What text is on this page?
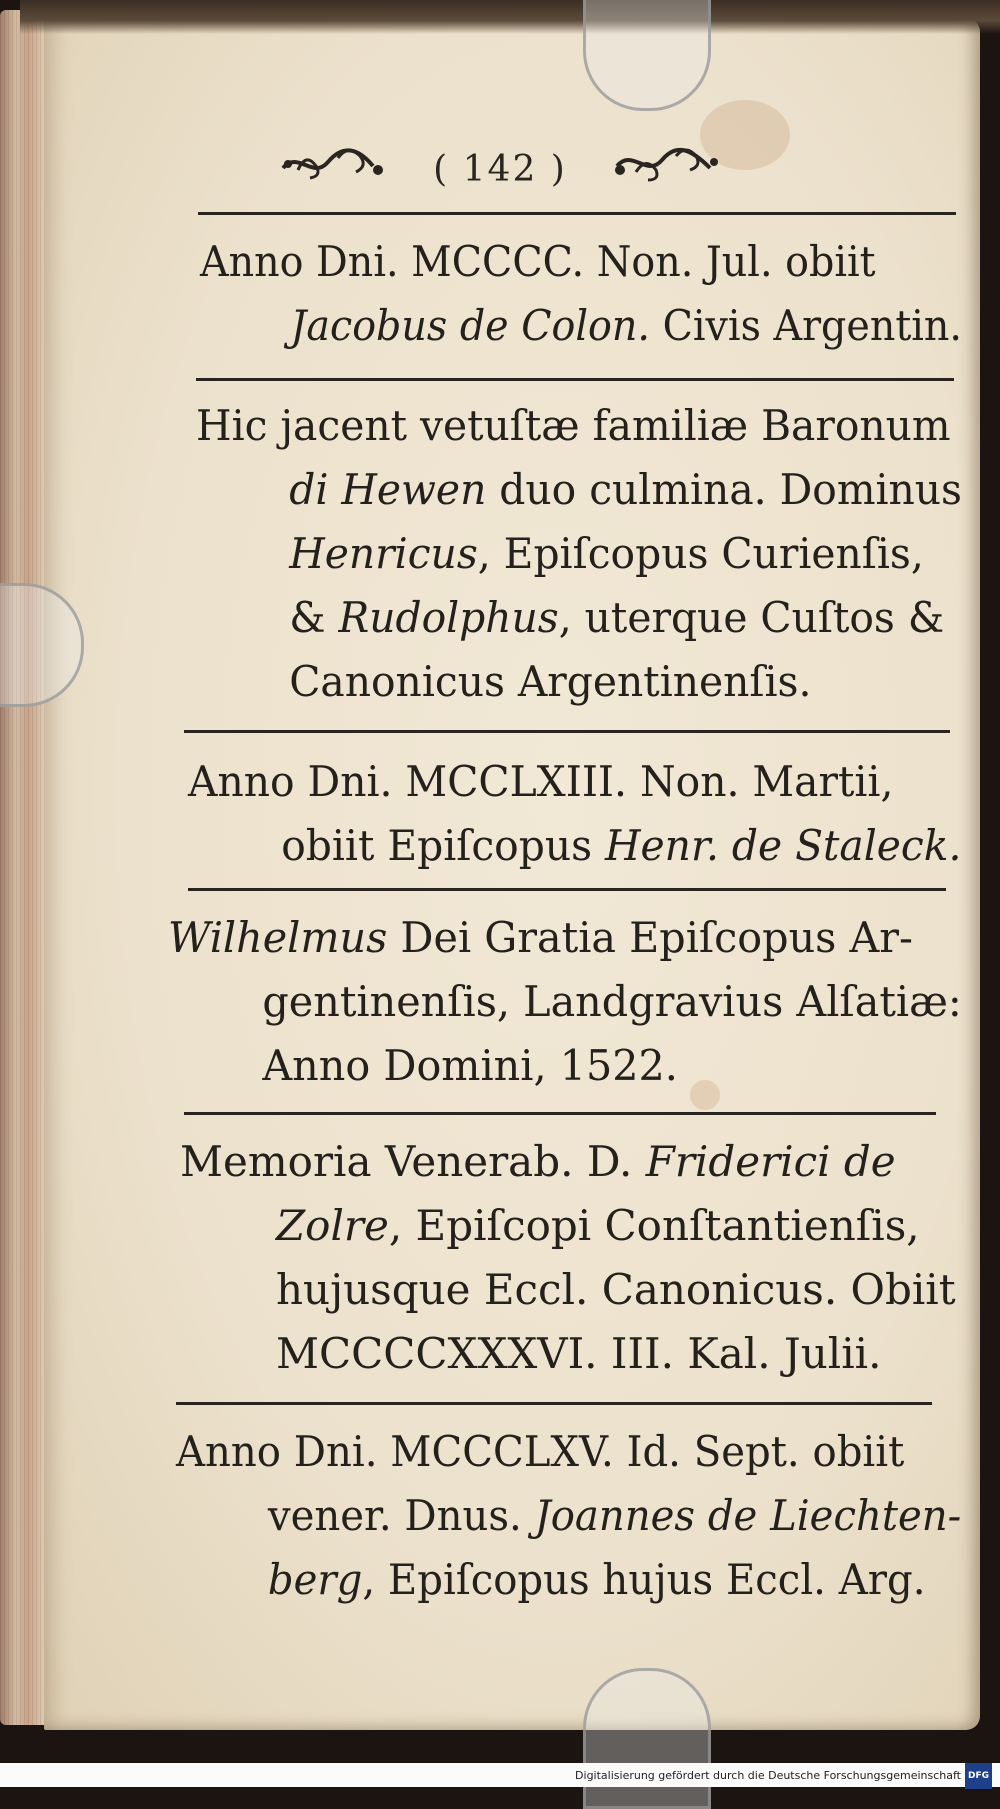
( 142 )
Anno Dni. MCCCC. Non. Jul. obiit
Jacobus de Colon. Civis Argentin.
Hic jacent vetuſtæ familiæ Baronum
di Hewen duo culmina. Dominus
Henricus, Epiſcopus Curienſis,
& Rudolphus, uterque Cuſtos &
Canonicus Argentinenſis.
Anno Dni. MCCLXIII. Non. Martii,
obiit Epiſcopus Henr. de Staleck.
Wilhelmus Dei Gratia Epiſcopus Ar-
gentinenſis, Landgravius Alſatiæ:
Anno Domini, 1522.
Memoria Venerab. D. Friderici de
Zolre, Epiſcopi Conſtantienſis,
hujusque Eccl. Canonicus. Obiit
MCCCCXXXVI. III. Kal. Julii.
Anno Dni. MCCCLXV. Id. Sept. obiit
vener. Dnus. Joannes de Liechten-
berg, Epiſcopus hujus Eccl. Arg.
Digitalisierung gefördert durch die Deutsche Forschungsgemeinschaft DFG
